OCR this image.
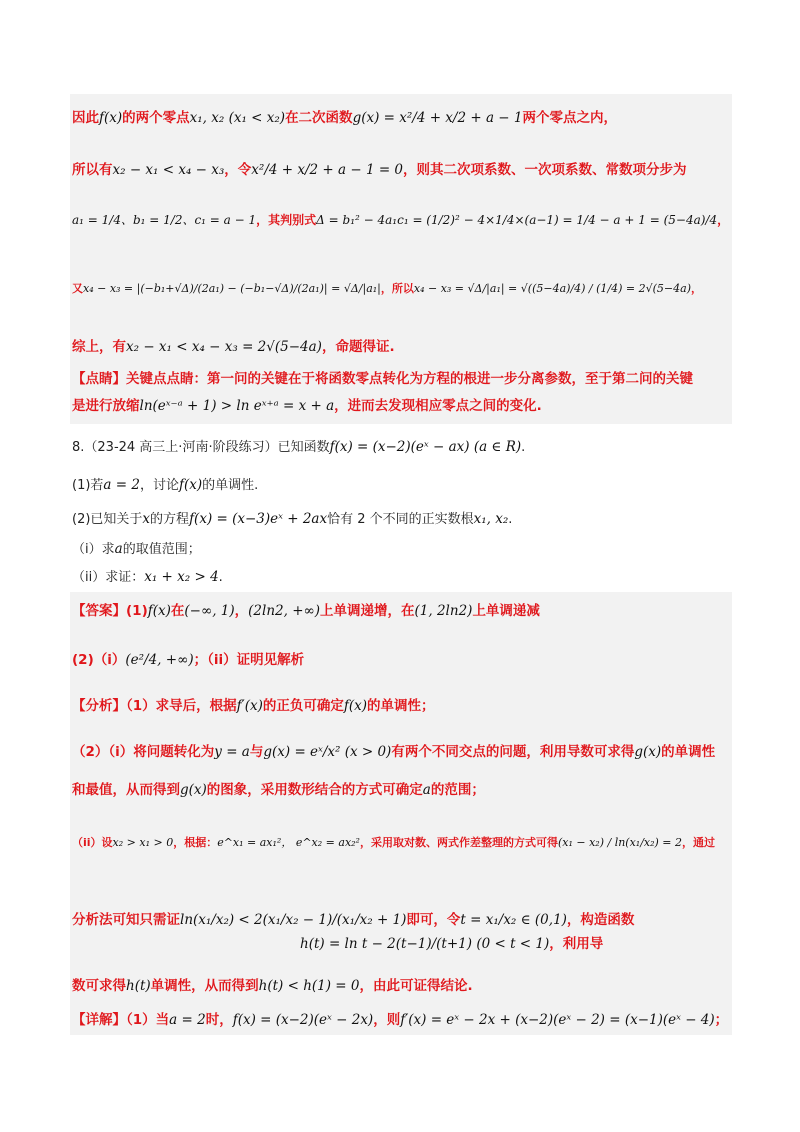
因此f(x)的两个零点x₁, x₂ (x₁ < x₂)在二次函数g(x) = x²/4 + x/2 + a − 1两个零点之内，
所以有x₂ − x₁ < x₄ − x₃，令x²/4 + x/2 + a − 1 = 0，则其二次项系数、一次项系数、常数项分步为
a₁ = 1/4、b₁ = 1/2、c₁ = a − 1，其判别式Δ = b₁² − 4a₁c₁ = (1/2)² − 4×1/4×(a−1) = 1/4 − a + 1 = (5−4a)/4，
又x₄ − x₃ = |(−b₁+√Δ)/(2a₁) − (−b₁−√Δ)/(2a₁)| = √Δ/|a₁|，所以x₄ − x₃ = √Δ/|a₁| = √((5−4a)/4) / (1/4) = 2√(5−4a)，
综上，有x₂ − x₁ < x₄ − x₃ = 2√(5−4a)，命题得证.
【点睛】关键点点睛：第一问的关键在于将函数零点转化为方程的根进一步分离参数，至于第二问的关键
是进行放缩ln(eˣ⁻ᵃ + 1) > ln eˣ⁺ᵃ = x + a，进而去发现相应零点之间的变化.
8.（23-24 高三上·河南·阶段练习）已知函数f(x) = (x−2)(eˣ − ax) (a ∈ R).
(1)若a = 2，讨论f(x)的单调性.
(2)已知关于x的方程f(x) = (x−3)eˣ + 2ax恰有 2 个不同的正实数根x₁, x₂.
（i）求a的取值范围；
（ii）求证：x₁ + x₂ > 4.
【答案】(1)f(x)在(−∞, 1)，(2ln2, +∞)上单调递增，在(1, 2ln2)上单调递减
(2)（i）(e²/4, +∞)；（ii）证明见解析
【分析】（1）求导后，根据f′(x)的正负可确定f(x)的单调性；
（2）（i）将问题转化为y = a与g(x) = eˣ/x² (x > 0)有两个不同交点的问题，利用导数可求得g(x)的单调性
和最值，从而得到g(x)的图象，采用数形结合的方式可确定a的范围；
（ii）设x₂ > x₁ > 0，根据：e^x₁ = ax₁²， e^x₂ = ax₂²，采用取对数、两式作差整理的方式可得(x₁ − x₂) / ln(x₁/x₂) = 2，通过
分析法可知只需证ln(x₁/x₂) < 2(x₁/x₂ − 1)/(x₁/x₂ + 1)即可，令t = x₁/x₂ ∈ (0,1)，构造函数
h(t) = ln t − 2(t−1)/(t+1) (0 < t < 1)，利用导
数可求得h(t)单调性，从而得到h(t) < h(1) = 0，由此可证得结论.
【详解】（1）当a = 2时，f(x) = (x−2)(eˣ − 2x)，则f′(x) = eˣ − 2x + (x−2)(eˣ − 2) = (x−1)(eˣ − 4)；
